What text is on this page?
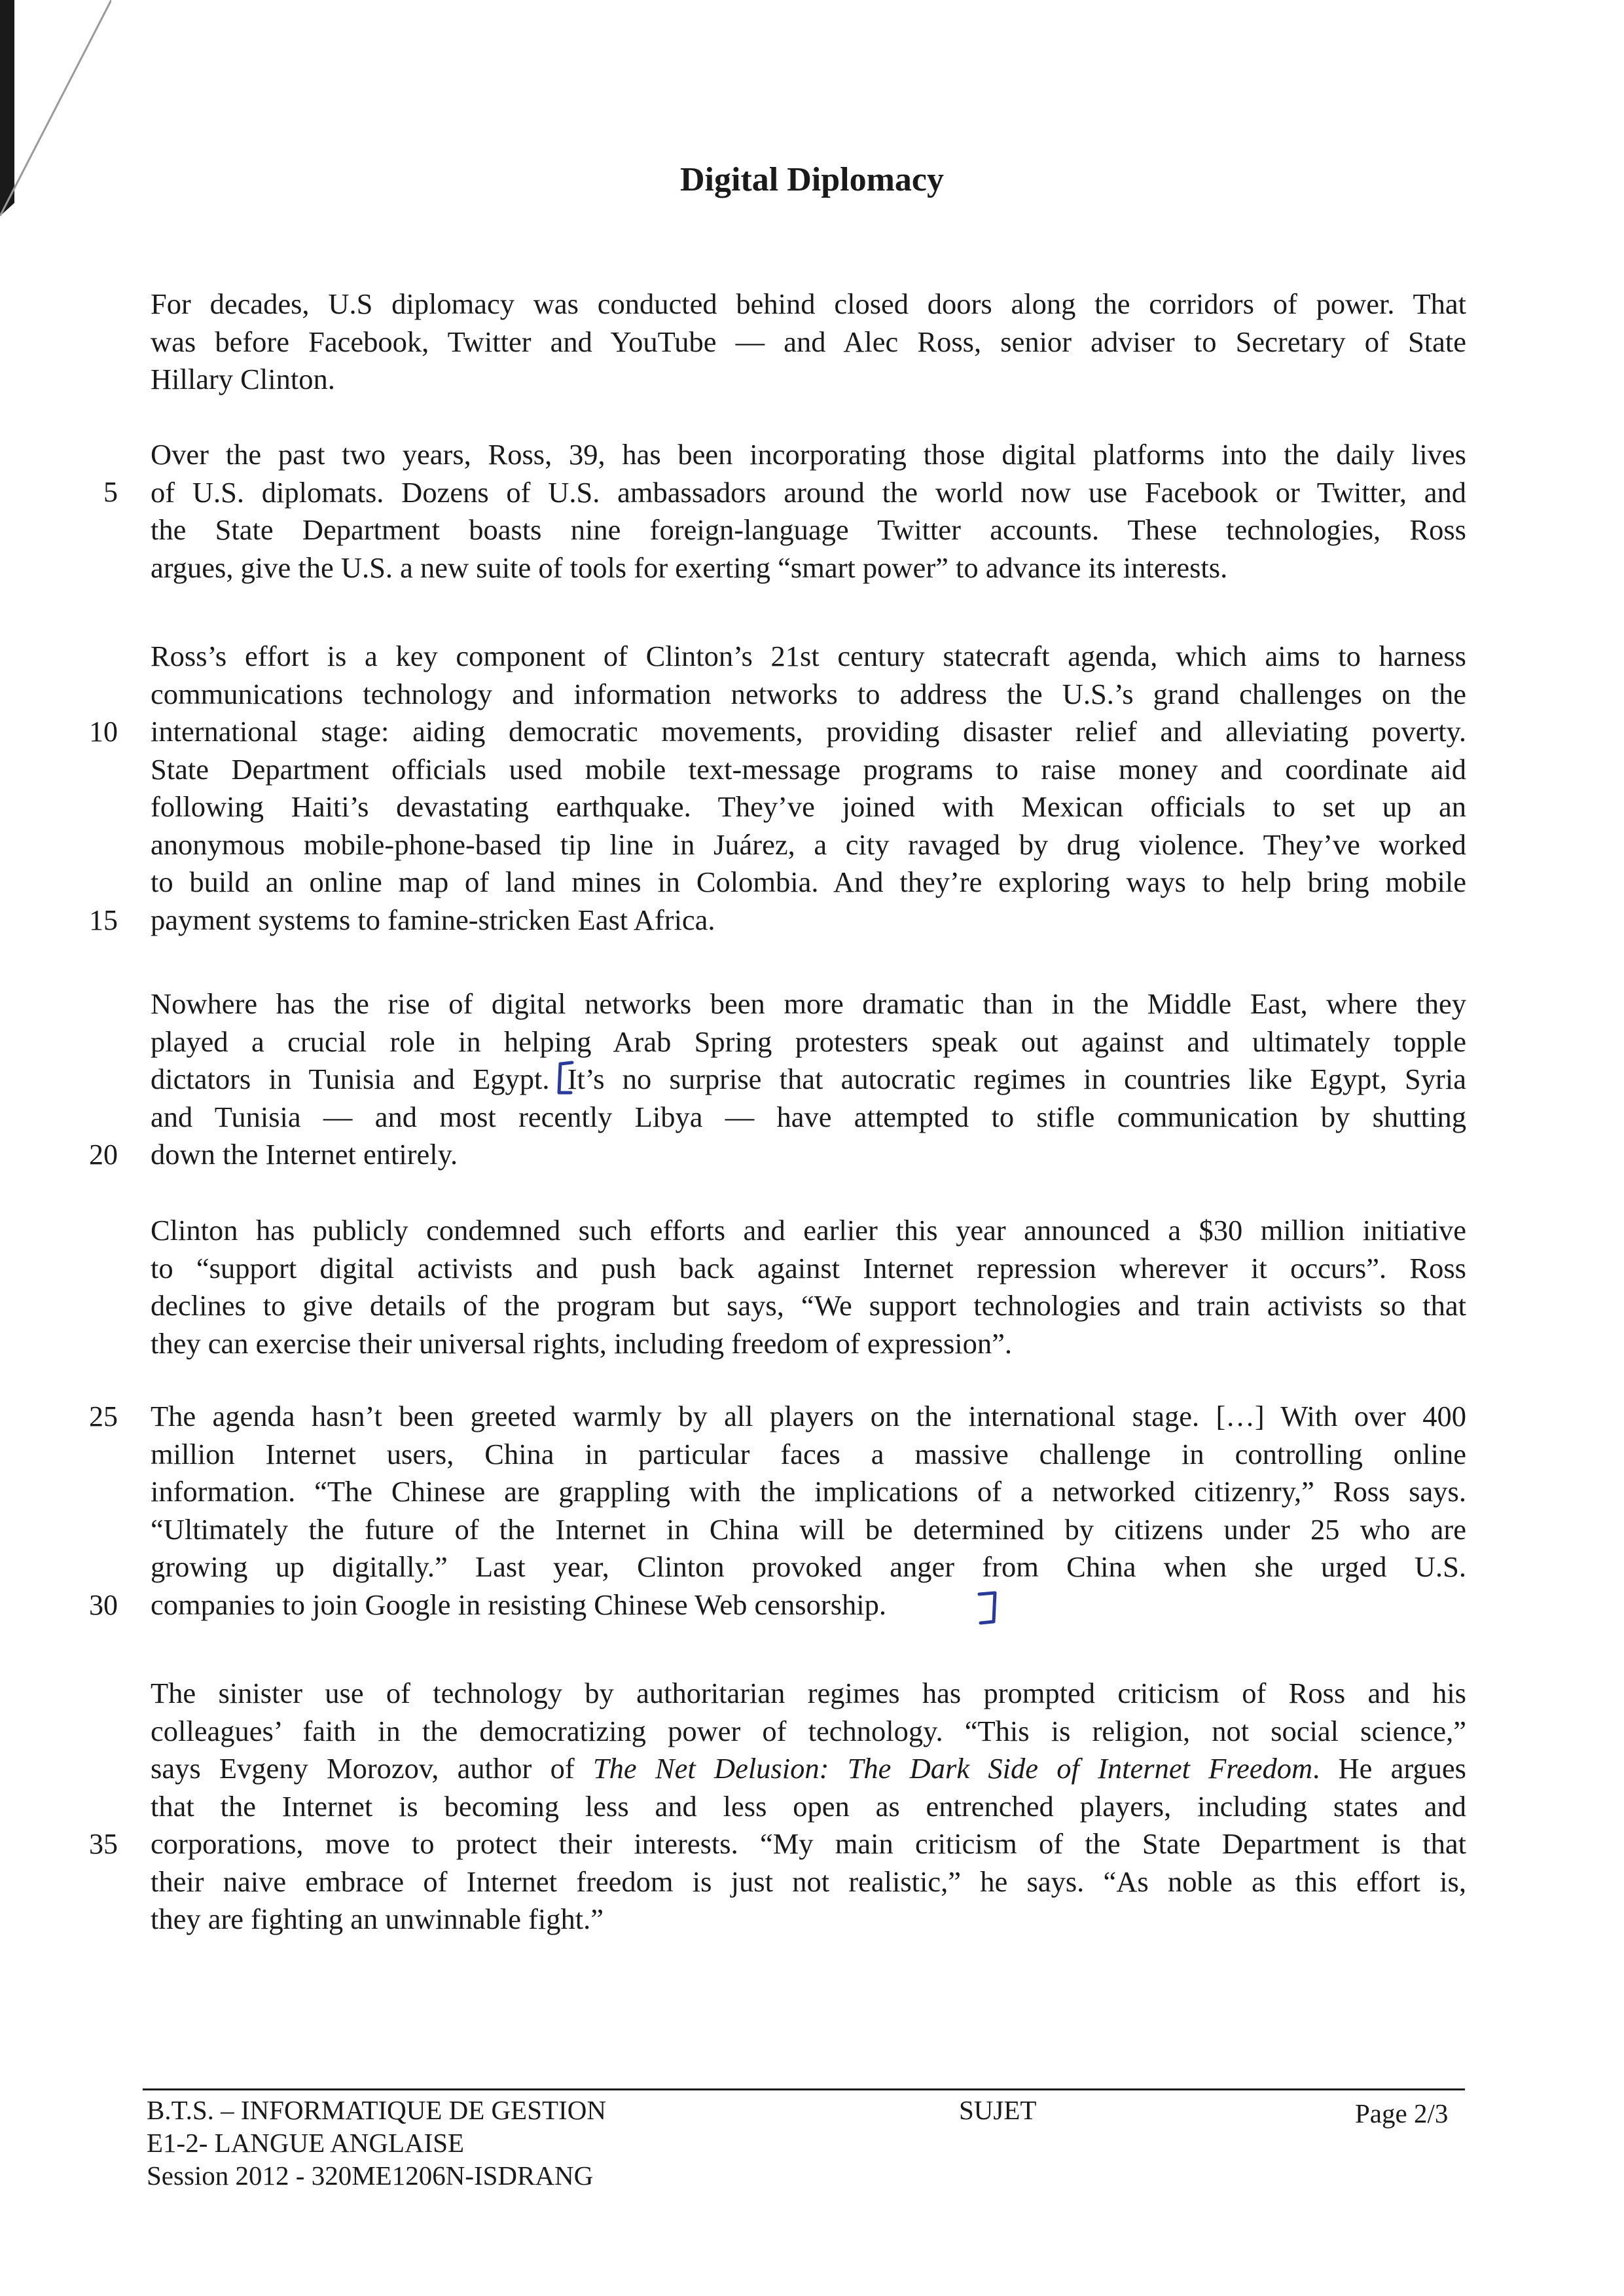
Digital Diplomacy
For decades, U.S diplomacy was conducted behind closed doors along the corridors of power. That
was before Facebook, Twitter and YouTube — and Alec Ross, senior adviser to Secretary of State
Hillary Clinton.
Over the past two years, Ross, 39, has been incorporating those digital platforms into the daily lives
of U.S. diplomats. Dozens of U.S. ambassadors around the world now use Facebook or Twitter, and
the State Department boasts nine foreign-language Twitter accounts. These technologies, Ross
argues, give the U.S. a new suite of tools for exerting “smart power” to advance its interests.
Ross’s effort is a key component of Clinton’s 21st century statecraft agenda, which aims to harness
communications technology and information networks to address the U.S.’s grand challenges on the
international stage: aiding democratic movements, providing disaster relief and alleviating poverty.
State Department officials used mobile text-message programs to raise money and coordinate aid
following Haiti’s devastating earthquake. They’ve joined with Mexican officials to set up an
anonymous mobile-phone-based tip line in Juárez, a city ravaged by drug violence. They’ve worked
to build an online map of land mines in Colombia. And they’re exploring ways to help bring mobile
payment systems to famine-stricken East Africa.
Nowhere has the rise of digital networks been more dramatic than in the Middle East, where they
played a crucial role in helping Arab Spring protesters speak out against and ultimately topple
dictators in Tunisia and Egypt. It’s no surprise that autocratic regimes in countries like Egypt, Syria
and Tunisia — and most recently Libya — have attempted to stifle communication by shutting
down the Internet entirely.
Clinton has publicly condemned such efforts and earlier this year announced a $30 million initiative
to “support digital activists and push back against Internet repression wherever it occurs”. Ross
declines to give details of the program but says, “We support technologies and train activists so that
they can exercise their universal rights, including freedom of expression”.
The agenda hasn’t been greeted warmly by all players on the international stage. […] With over 400
million Internet users, China in particular faces a massive challenge in controlling online
information. “The Chinese are grappling with the implications of a networked citizenry,” Ross says.
“Ultimately the future of the Internet in China will be determined by citizens under 25 who are
growing up digitally.” Last year, Clinton provoked anger from China when she urged U.S.
companies to join Google in resisting Chinese Web censorship.
The sinister use of technology by authoritarian regimes has prompted criticism of Ross and his
colleagues’ faith in the democratizing power of technology. “This is religion, not social science,”
says Evgeny Morozov, author of The Net Delusion: The Dark Side of Internet Freedom. He argues
that the Internet is becoming less and less open as entrenched players, including states and
corporations, move to protect their interests. “My main criticism of the State Department is that
their naive embrace of Internet freedom is just not realistic,” he says. “As noble as this effort is,
they are fighting an unwinnable fight.”
5
10
15
20
25
30
35
B.T.S. – INFORMATIQUE DE GESTION
E1-2- LANGUE ANGLAISE
Session 2012 - 320ME1206N-ISDRANG
SUJET	Page 2/3
